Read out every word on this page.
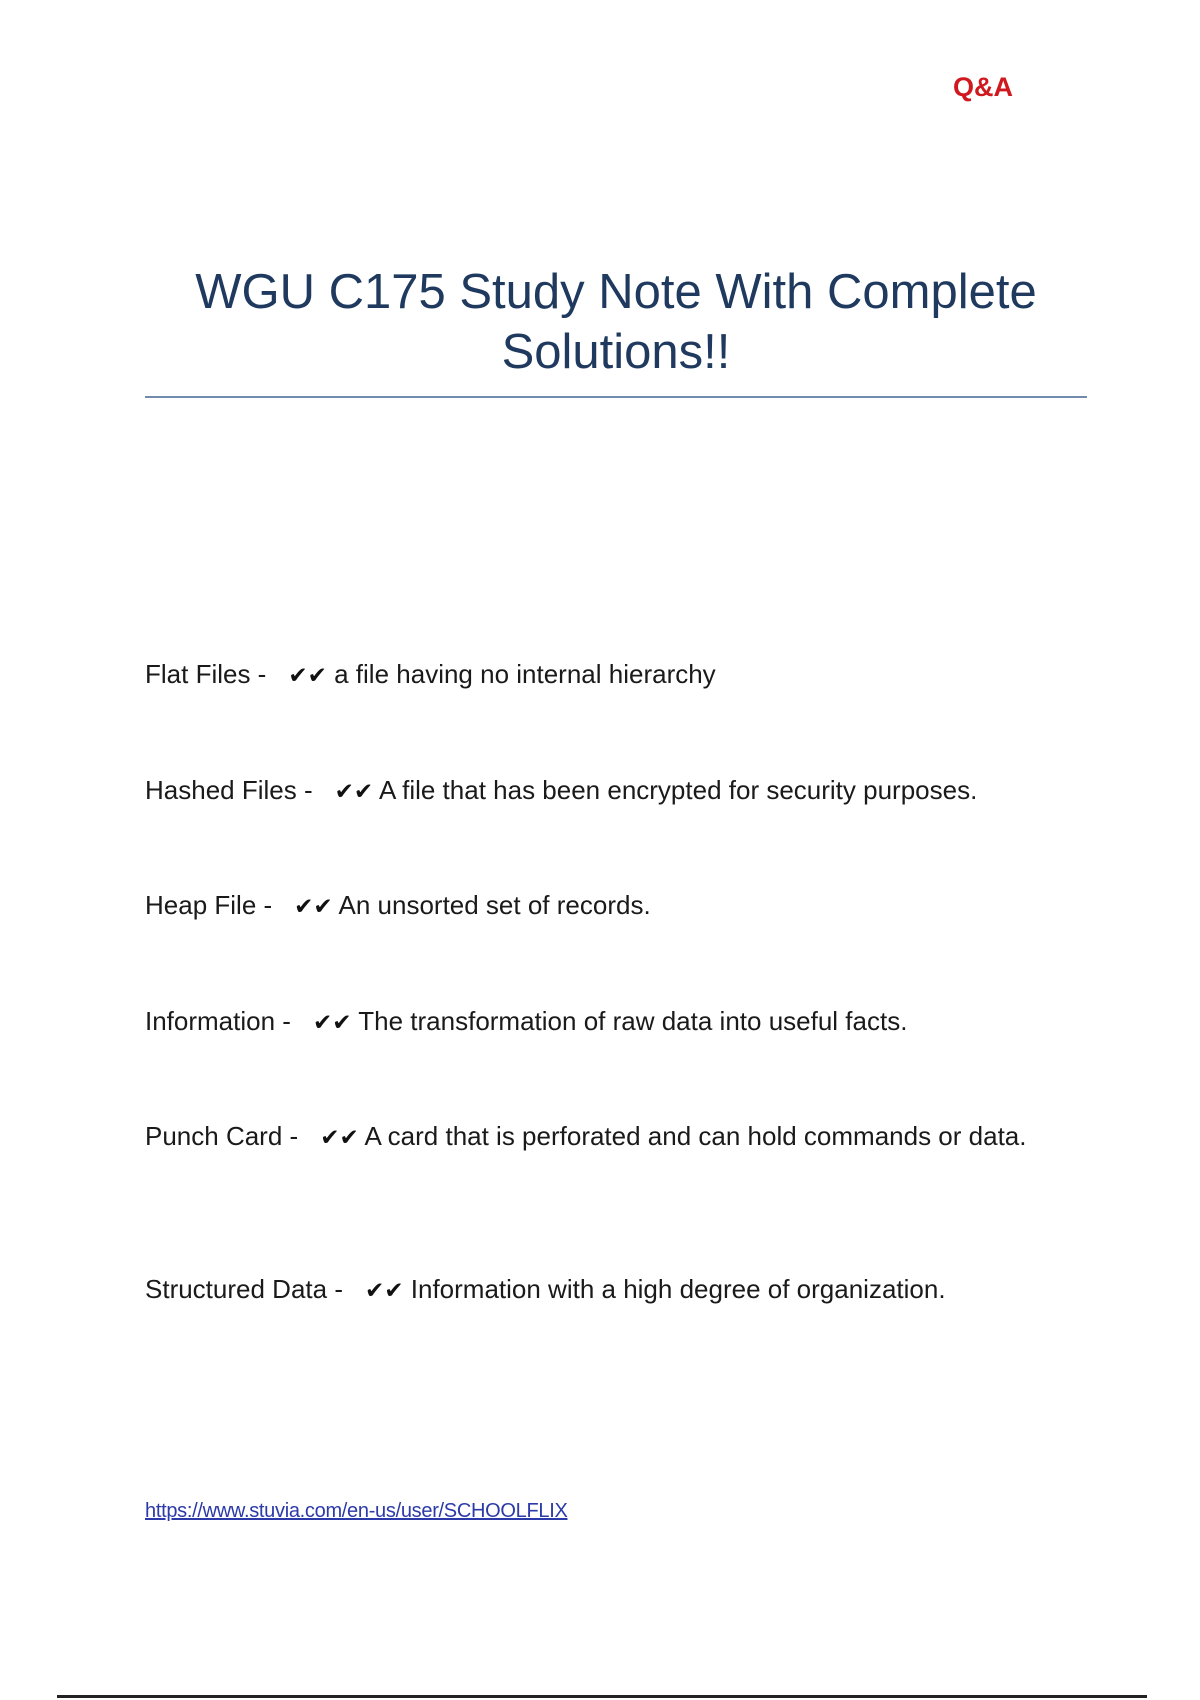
Q&A
WGU C175 Study Note With Complete Solutions!!

Flat Files - ✔✔ a file having no internal hierarchy

Hashed Files - ✔✔ A file that has been encrypted for security purposes.

Heap File - ✔✔ An unsorted set of records.

Information - ✔✔ The transformation of raw data into useful facts.

Punch Card - ✔✔ A card that is perforated and can hold commands or data.

Structured Data - ✔✔ Information with a high degree of organization.

https://www.stuvia.com/en-us/user/SCHOOLFLIX
